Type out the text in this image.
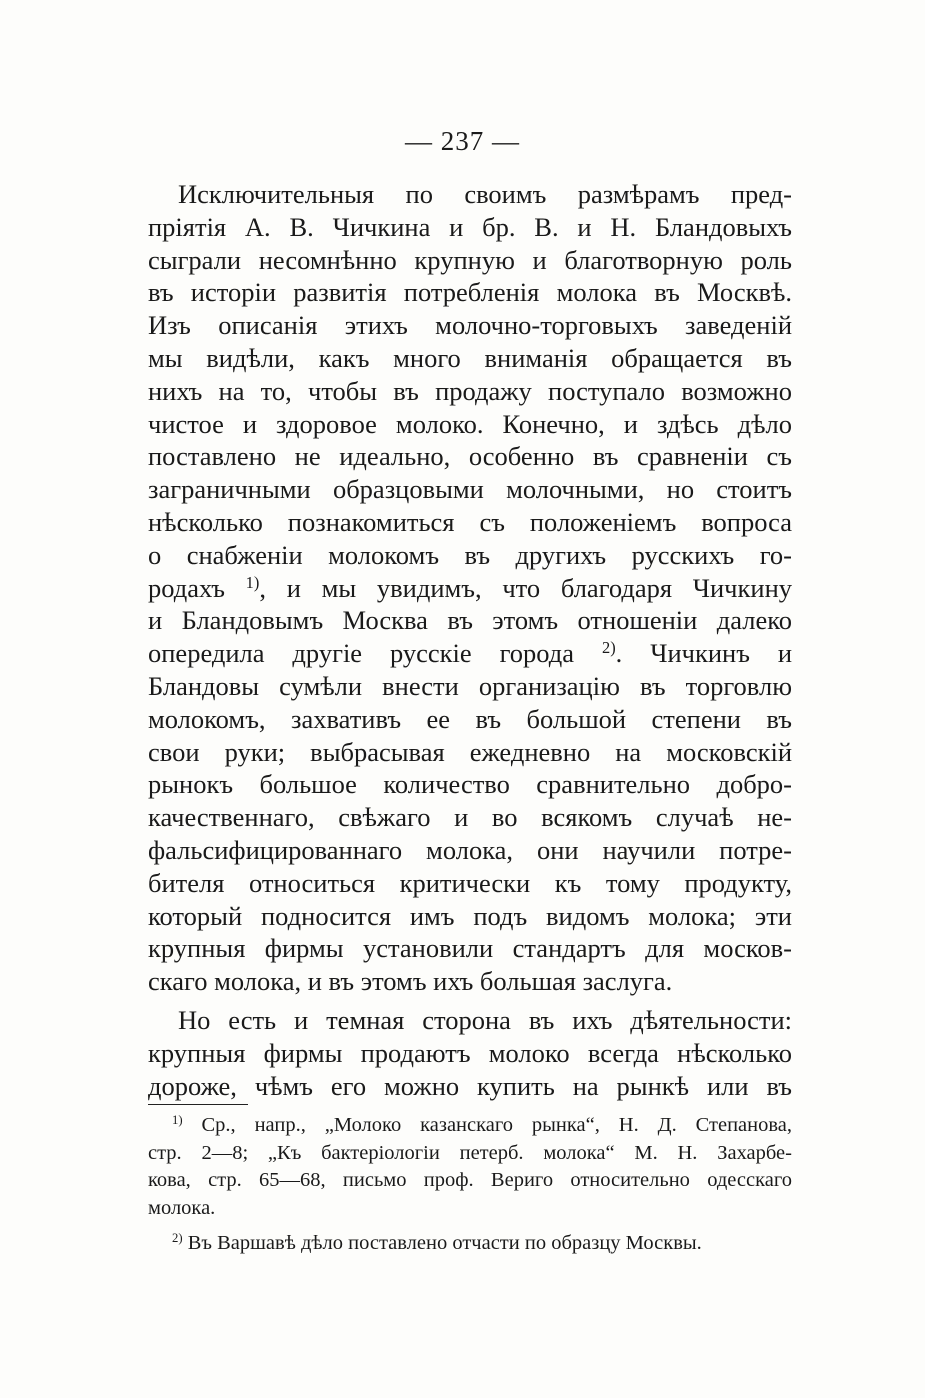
— 237 —
Исключительныя по своимъ размѣрамъ пред-
пріятія А. В. Чичкина и бр. В. и Н. Бландовыхъ
сыграли несомнѣнно крупную и благотворную роль
въ исторіи развитія потребленія молока въ Москвѣ.
Изъ описанія этихъ молочно-торговыхъ заведеній
мы видѣли, какъ много вниманія обращается въ
нихъ на то, чтобы въ продажу поступало возможно
чистое и здоровое молоко. Конечно, и здѣсь дѣло
поставлено не идеально, особенно въ сравненіи съ
заграничными образцовыми молочными, но стоитъ
нѣсколько познакомиться съ положеніемъ вопроса
о снабженіи молокомъ въ другихъ русскихъ го-
родахъ $^{1)}$, и мы увидимъ, что благодаря Чичкину
и Бландовымъ Москва въ этомъ отношеніи далеко
опередила другіе русскіе города $^{2)}$. Чичкинъ и
Бландовы сумѣли внести организацію въ торговлю
молокомъ, захвативъ ее въ большой степени въ
свои руки; выбрасывая ежедневно на московскій
рынокъ большое количество сравнительно добро-
качественнаго, свѣжаго и во всякомъ случаѣ не-
фальсифицированнаго молока, они научили потре-
бителя относиться критически къ тому продукту,
который подносится имъ подъ видомъ молока; эти
крупныя фирмы установили стандартъ для москов-
скаго молока, и въ этомъ ихъ большая заслуга.
Но есть и темная сторона въ ихъ дѣятельности:
крупныя фирмы продаютъ молоко всегда нѣсколько
дороже, чѣмъ его можно купить на рынкѣ или въ
$^{1)}$ Ср., напр., „Молоко казанскаго рынка“, Н. Д. Степанова,
стр. 2—8; „Къ бактеріологіи петерб. молока“ М. Н. Захарбе-
кова, стр. 65—68, письмо проф. Вериго относительно одесскаго
молока.
$^{2)}$ Въ Варшавѣ дѣло поставлено отчасти по образцу Москвы.
